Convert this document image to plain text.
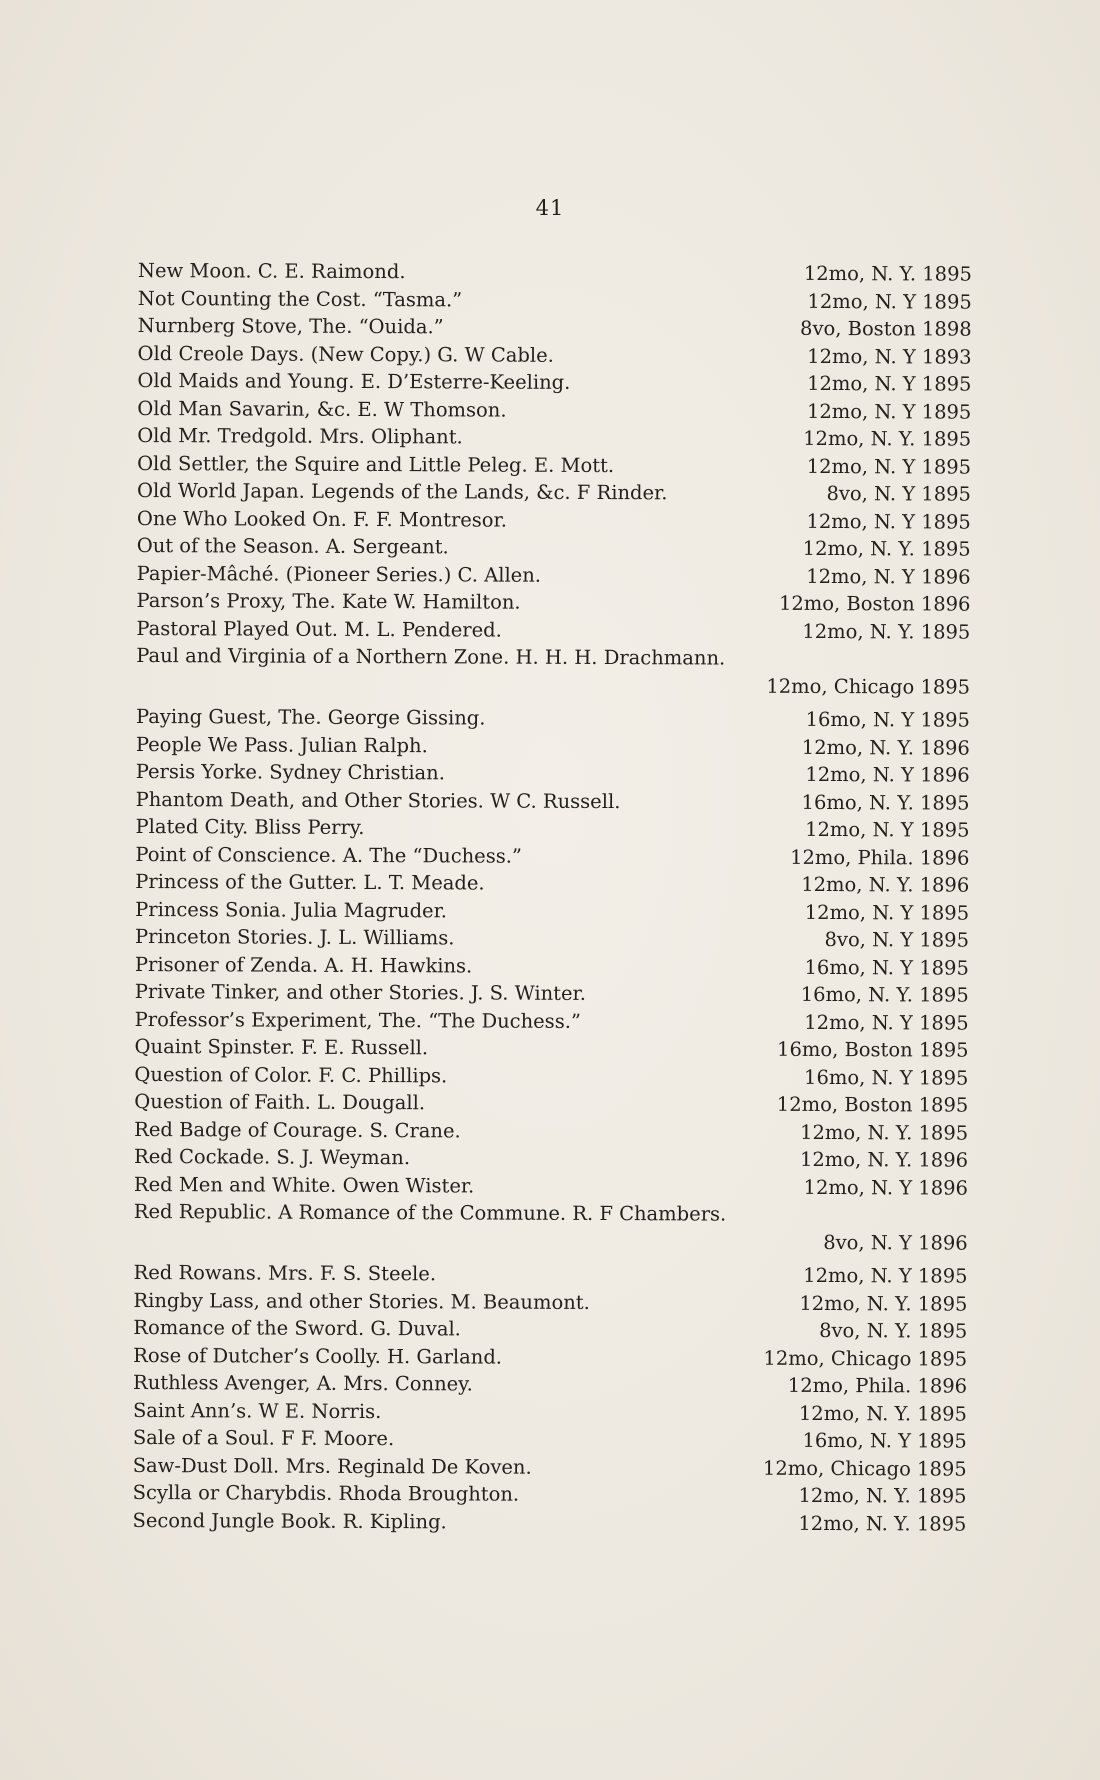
41
New Moon. C. E. Raimond.	12mo, N. Y. 1895
Not Counting the Cost. “Tasma.”	12mo, N. Y 1895
Nurnberg Stove, The. “Ouida.”	8vo, Boston 1898
Old Creole Days. (New Copy.) G. W Cable.	12mo, N. Y 1893
Old Maids and Young. E. D’Esterre-Keeling.	12mo, N. Y 1895
Old Man Savarin, &c. E. W Thomson.	12mo, N. Y 1895
Old Mr. Tredgold. Mrs. Oliphant.	12mo, N. Y. 1895
Old Settler, the Squire and Little Peleg. E. Mott.	12mo, N. Y 1895
Old World Japan. Legends of the Lands, &c. F Rinder.	8vo, N. Y 1895
One Who Looked On. F. F. Montresor.	12mo, N. Y 1895
Out of the Season. A. Sergeant.	12mo, N. Y. 1895
Papier-Mâché. (Pioneer Series.) C. Allen.	12mo, N. Y 1896
Parson’s Proxy, The. Kate W. Hamilton.	12mo, Boston 1896
Pastoral Played Out. M. L. Pendered.	12mo, N. Y. 1895
Paul and Virginia of a Northern Zone. H. H. H. Drachmann.
12mo, Chicago 1895
Paying Guest, The. George Gissing.	16mo, N. Y 1895
People We Pass. Julian Ralph.	12mo, N. Y. 1896
Persis Yorke. Sydney Christian.	12mo, N. Y 1896
Phantom Death, and Other Stories. W C. Russell.	16mo, N. Y. 1895
Plated City. Bliss Perry.	12mo, N. Y 1895
Point of Conscience. A. The “Duchess.”	12mo, Phila. 1896
Princess of the Gutter. L. T. Meade.	12mo, N. Y. 1896
Princess Sonia. Julia Magruder.	12mo, N. Y 1895
Princeton Stories. J. L. Williams.	8vo, N. Y 1895
Prisoner of Zenda. A. H. Hawkins.	16mo, N. Y 1895
Private Tinker, and other Stories. J. S. Winter.	16mo, N. Y. 1895
Professor’s Experiment, The. “The Duchess.”	12mo, N. Y 1895
Quaint Spinster. F. E. Russell.	16mo, Boston 1895
Question of Color. F. C. Phillips.	16mo, N. Y 1895
Question of Faith. L. Dougall.	12mo, Boston 1895
Red Badge of Courage. S. Crane.	12mo, N. Y. 1895
Red Cockade. S. J. Weyman.	12mo, N. Y. 1896
Red Men and White. Owen Wister.	12mo, N. Y 1896
Red Republic. A Romance of the Commune. R. F Chambers.
8vo, N. Y 1896
Red Rowans. Mrs. F. S. Steele.	12mo, N. Y 1895
Ringby Lass, and other Stories. M. Beaumont.	12mo, N. Y. 1895
Romance of the Sword. G. Duval.	8vo, N. Y. 1895
Rose of Dutcher’s Coolly. H. Garland.	12mo, Chicago 1895
Ruthless Avenger, A. Mrs. Conney.	12mo, Phila. 1896
Saint Ann’s. W E. Norris.	12mo, N. Y. 1895
Sale of a Soul. F F. Moore.	16mo, N. Y 1895
Saw-Dust Doll. Mrs. Reginald De Koven.	12mo, Chicago 1895
Scylla or Charybdis. Rhoda Broughton.	12mo, N. Y. 1895
Second Jungle Book. R. Kipling.	12mo, N. Y. 1895
